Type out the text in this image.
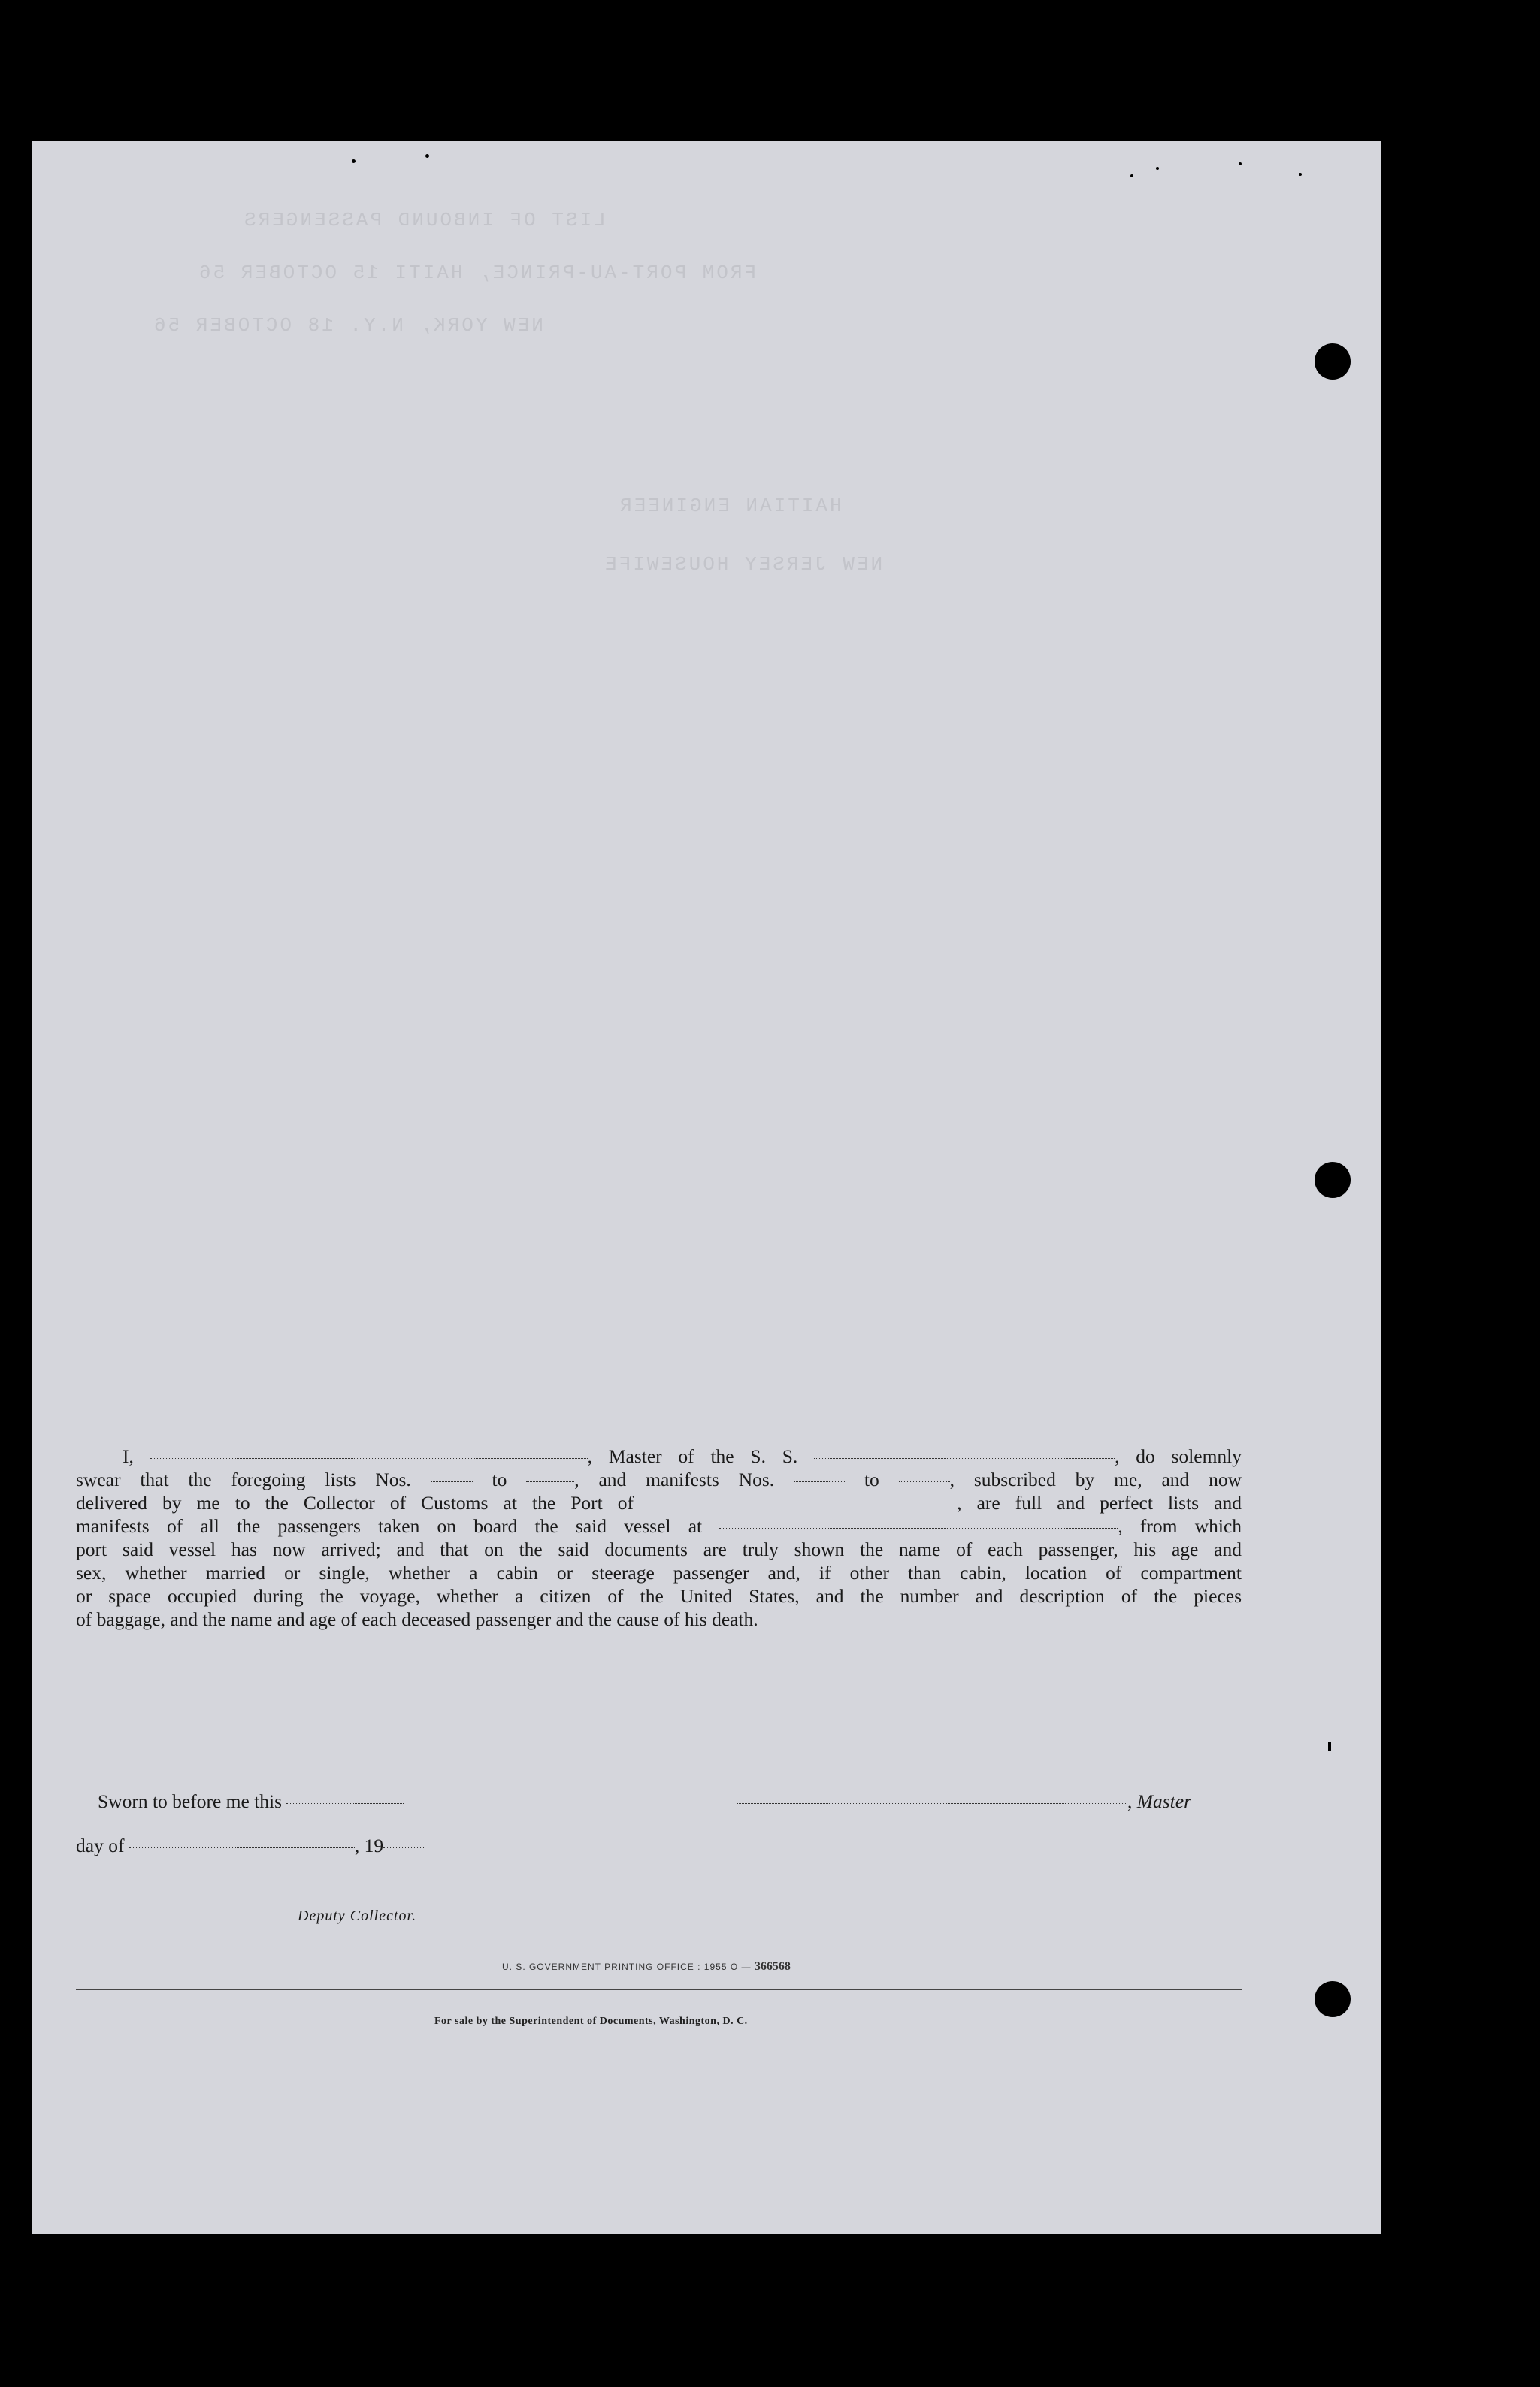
LIST OF INBOUND PASSENGERS
FROM PORT-AU-PRINCE, HAITI 15 OCTOBER 56
NEW YORK, N.Y. 18 OCTOBER 56
HAITIAN ENGINEER
NEW JERSEY HOUSEWIFE
I,	, Master of the S. S.	, do solemnly
swear that the foregoing lists Nos.	to	, and manifests Nos.	to	, subscribed by me, and now
delivered by me to the Collector of Customs at the Port of	, are full and perfect lists and
manifests of all the passengers taken on board the said vessel at	, from which
port said vessel has now arrived; and that on the said documents are truly shown the name of each passenger, his age and
sex, whether married or single, whether a cabin or steerage passenger and, if other than cabin, location of compartment
or space occupied during the voyage, whether a citizen of the United States, and the number and description of the pieces
of baggage, and the name and age of each deceased passenger and the cause of his death.
Sworn to before me this	, Master
day of	, 19
Deputy Collector.
U. S. GOVERNMENT PRINTING OFFICE : 1955 O — 366568
For sale by the Superintendent of Documents, Washington, D. C.
